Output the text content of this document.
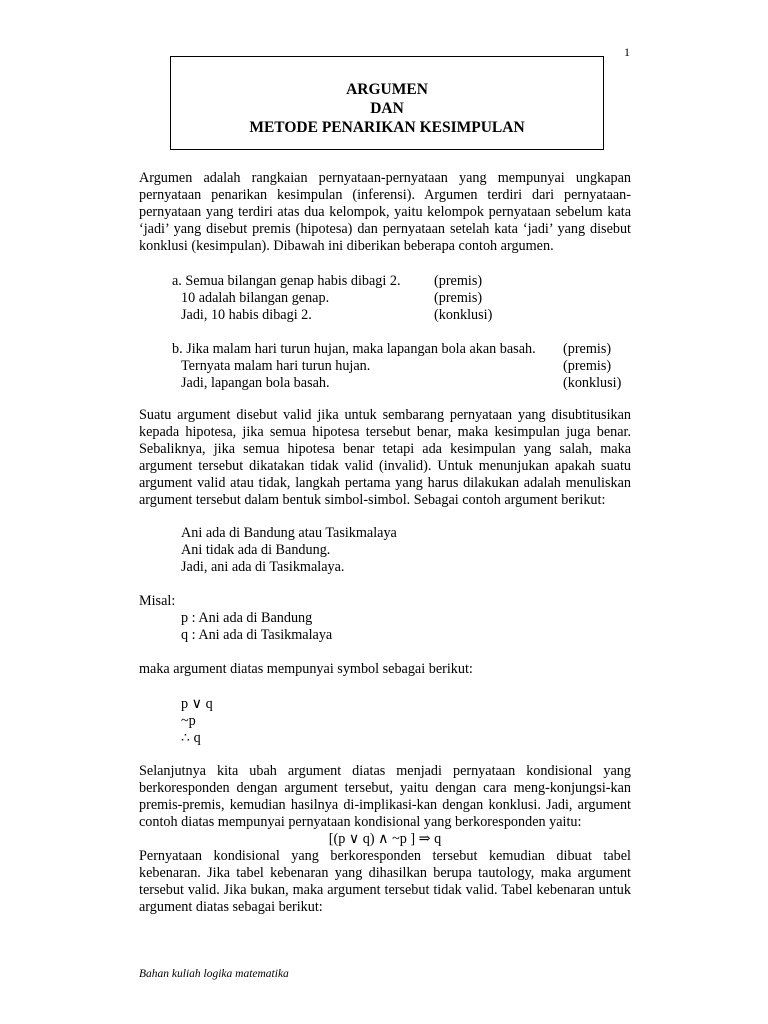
1
ARGUMEN
DAN
METODE PENARIKAN KESIMPULAN
Argumen adalah rangkaian pernyataan-pernyataan yang mempunyai ungkapan
pernyataan penarikan kesimpulan (inferensi). Argumen terdiri dari pernyataan-
pernyataan yang terdiri atas dua kelompok, yaitu kelompok pernyataan sebelum kata
‘jadi’ yang disebut premis (hipotesa) dan pernyataan setelah kata ‘jadi’ yang disebut
konklusi (kesimpulan). Dibawah ini diberikan beberapa contoh argumen.
a. Semua bilangan genap habis dibagi 2. (premis)
10 adalah bilangan genap.	(premis)
Jadi, 10 habis dibagi 2.	(konklusi)
b. Jika malam hari turun hujan, maka lapangan bola akan basah. (premis)
Ternyata malam hari turun hujan.	(premis)
Jadi, lapangan bola basah.	(konklusi)
Suatu argument disebut valid jika untuk sembarang pernyataan yang disubtitusikan
kepada hipotesa, jika semua hipotesa tersebut benar, maka kesimpulan juga benar.
Sebaliknya, jika semua hipotesa benar tetapi ada kesimpulan yang salah, maka
argument tersebut dikatakan tidak valid (invalid). Untuk menunjukan apakah suatu
argument valid atau tidak, langkah pertama yang harus dilakukan adalah menuliskan
argument tersebut dalam bentuk simbol-simbol. Sebagai contoh argument berikut:
Ani ada di Bandung atau Tasikmalaya
Ani tidak ada di Bandung.
Jadi, ani ada di Tasikmalaya.
Misal:
p : Ani ada di Bandung
q : Ani ada di Tasikmalaya
maka argument diatas mempunyai symbol sebagai berikut:
p ∨ q
~p
∴ q
Selanjutnya kita ubah argument diatas menjadi pernyataan kondisional yang
berkoresponden dengan argument tersebut, yaitu dengan cara meng-konjungsi-kan
premis-premis, kemudian hasilnya di-implikasi-kan dengan konklusi. Jadi, argument
contoh diatas mempunyai pernyataan kondisional yang berkoresponden yaitu:
[(p ∨ q) ∧ ~p ] ⇒ q
Pernyataan kondisional yang berkoresponden tersebut kemudian dibuat tabel
kebenaran. Jika tabel kebenaran yang dihasilkan berupa tautology, maka argument
tersebut valid. Jika bukan, maka argument tersebut tidak valid. Tabel kebenaran untuk
argument diatas sebagai berikut:
Bahan kuliah logika matematika
